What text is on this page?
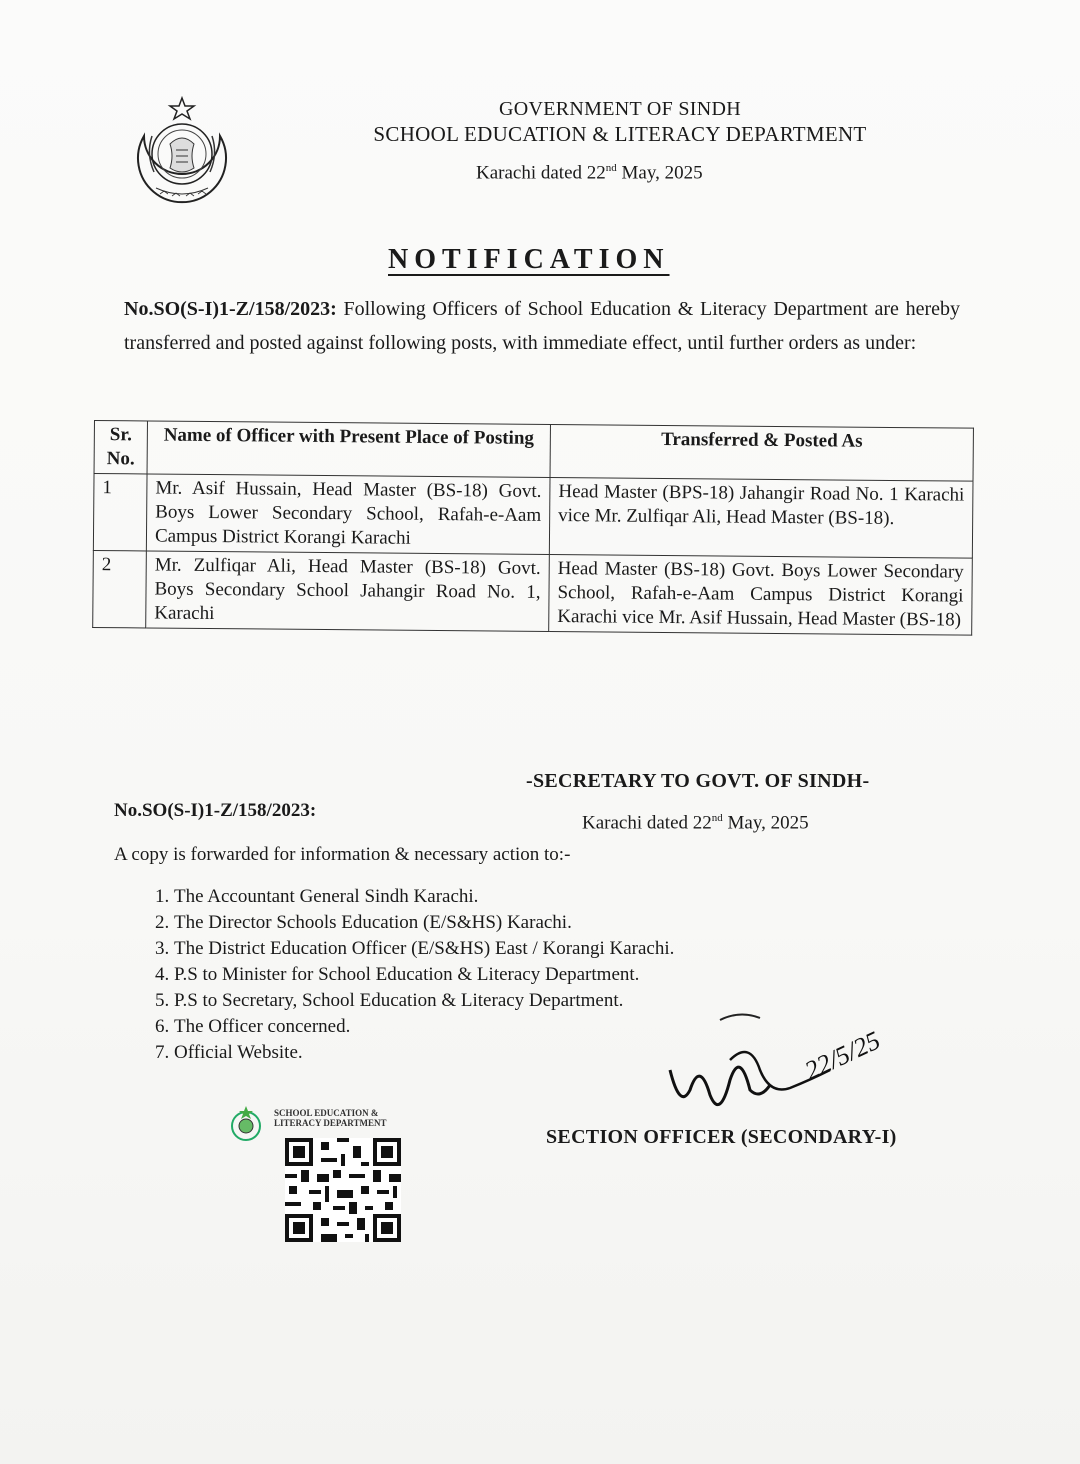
GOVERNMENT OF SINDH
SCHOOL EDUCATION & LITERACY DEPARTMENT
Karachi dated 22nd May, 2025
NOTIFICATION
No.SO(S-I)1-Z/158/2023: Following Officers of School Education & Literacy Department are hereby transferred and posted against following posts, with immediate effect, until further orders as under:
Sr. No.	Name of Officer with Present Place of Posting	Transferred & Posted As
1	Mr. Asif Hussain, Head Master (BS-18) Govt. Boys Lower Secondary School, Rafah-e-Aam Campus District Korangi Karachi	Head Master (BPS-18) Jahangir Road No. 1 Karachi vice Mr. Zulfiqar Ali, Head Master (BS-18).
2	Mr. Zulfiqar Ali, Head Master (BS-18) Govt. Boys Secondary School Jahangir Road No. 1, Karachi	Head Master (BS-18) Govt. Boys Lower Secondary School, Rafah-e-Aam Campus District Korangi Karachi vice Mr. Asif Hussain, Head Master (BS-18)
-SECRETARY TO GOVT. OF SINDH-
No.SO(S-I)1-Z/158/2023:
Karachi dated 22nd May, 2025
A copy is forwarded for information & necessary action to:-
1. The Accountant General Sindh Karachi.
2. The Director Schools Education (E/S&HS) Karachi.
3. The District Education Officer (E/S&HS) East / Korangi Karachi.
4. P.S to Minister for School Education & Literacy Department.
5. P.S to Secretary, School Education & Literacy Department.
6. The Officer concerned.
7. Official Website.	22/5/25
SECTION OFFICER (SECONDARY-I)
SCHOOL EDUCATION &
LITERACY DEPARTMENT
